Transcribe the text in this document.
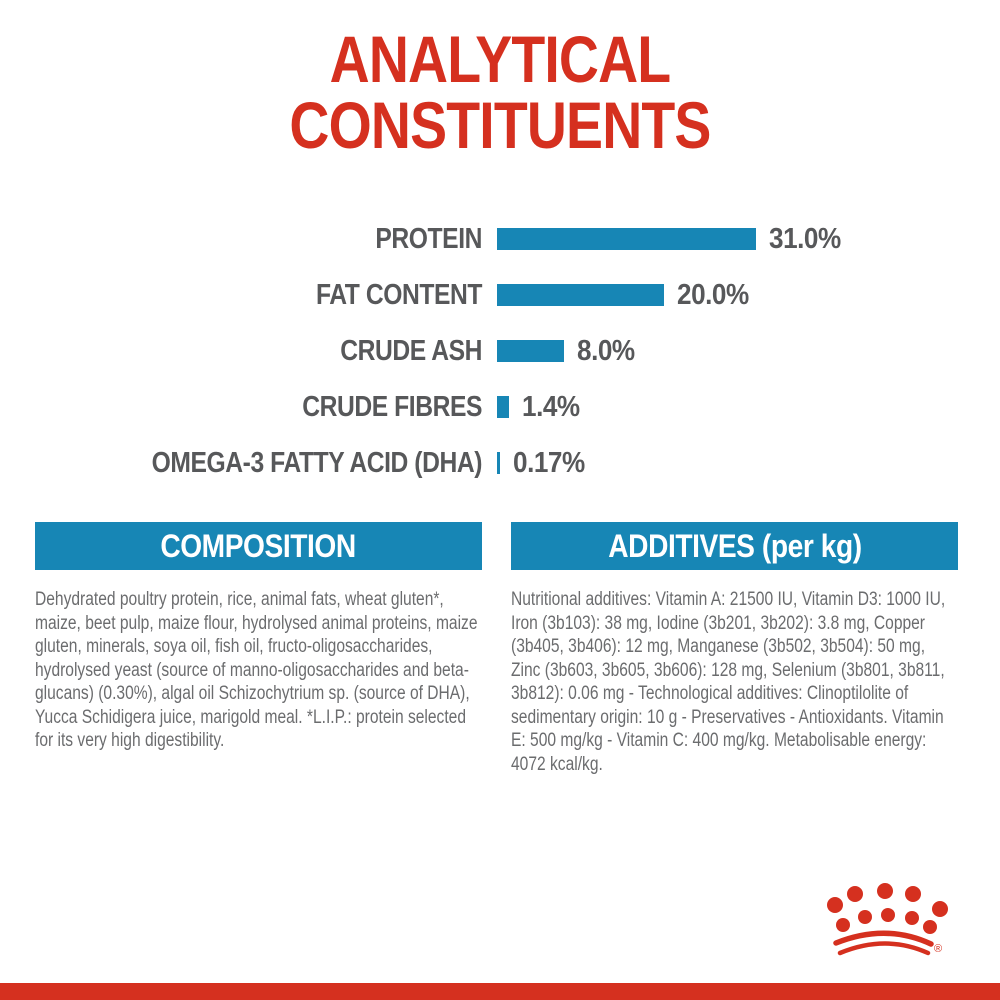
ANALYTICAL
CONSTITUENTS
PROTEIN	31.0%
FAT CONTENT	20.0%
CRUDE ASH	8.0%
CRUDE FIBRES 1.4%
OMEGA-3 FATTY ACID (DHA) 0.17%
COMPOSITION
Dehydrated poultry protein, rice, animal fats, wheat gluten*, maize, beet pulp, maize flour, hydrolysed animal proteins, maize gluten, minerals, soya oil, fish oil, fructo-oligosaccharides, hydrolysed yeast (source of manno-oligosaccharides and beta-glucans) (0.30%), algal oil Schizochytrium sp. (source of DHA), Yucca Schidigera juice, marigold meal. *L.I.P.: protein selected for its very high digestibility.
ADDITIVES (per kg)
Nutritional additives: Vitamin A: 21500 IU, Vitamin D3: 1000 IU, Iron (3b103): 38 mg, Iodine (3b201, 3b202): 3.8 mg, Copper (3b405, 3b406): 12 mg, Manganese (3b502, 3b504): 50 mg, Zinc (3b603, 3b605, 3b606): 128 mg, Selenium (3b801, 3b811, 3b812): 0.06 mg - Technological additives: Clinoptilolite of sedimentary origin: 10 g - Preservatives - Antioxidants. Vitamin E: 500 mg/kg - Vitamin C: 400 mg/kg. Metabolisable energy: 4072 kcal/kg.
®
